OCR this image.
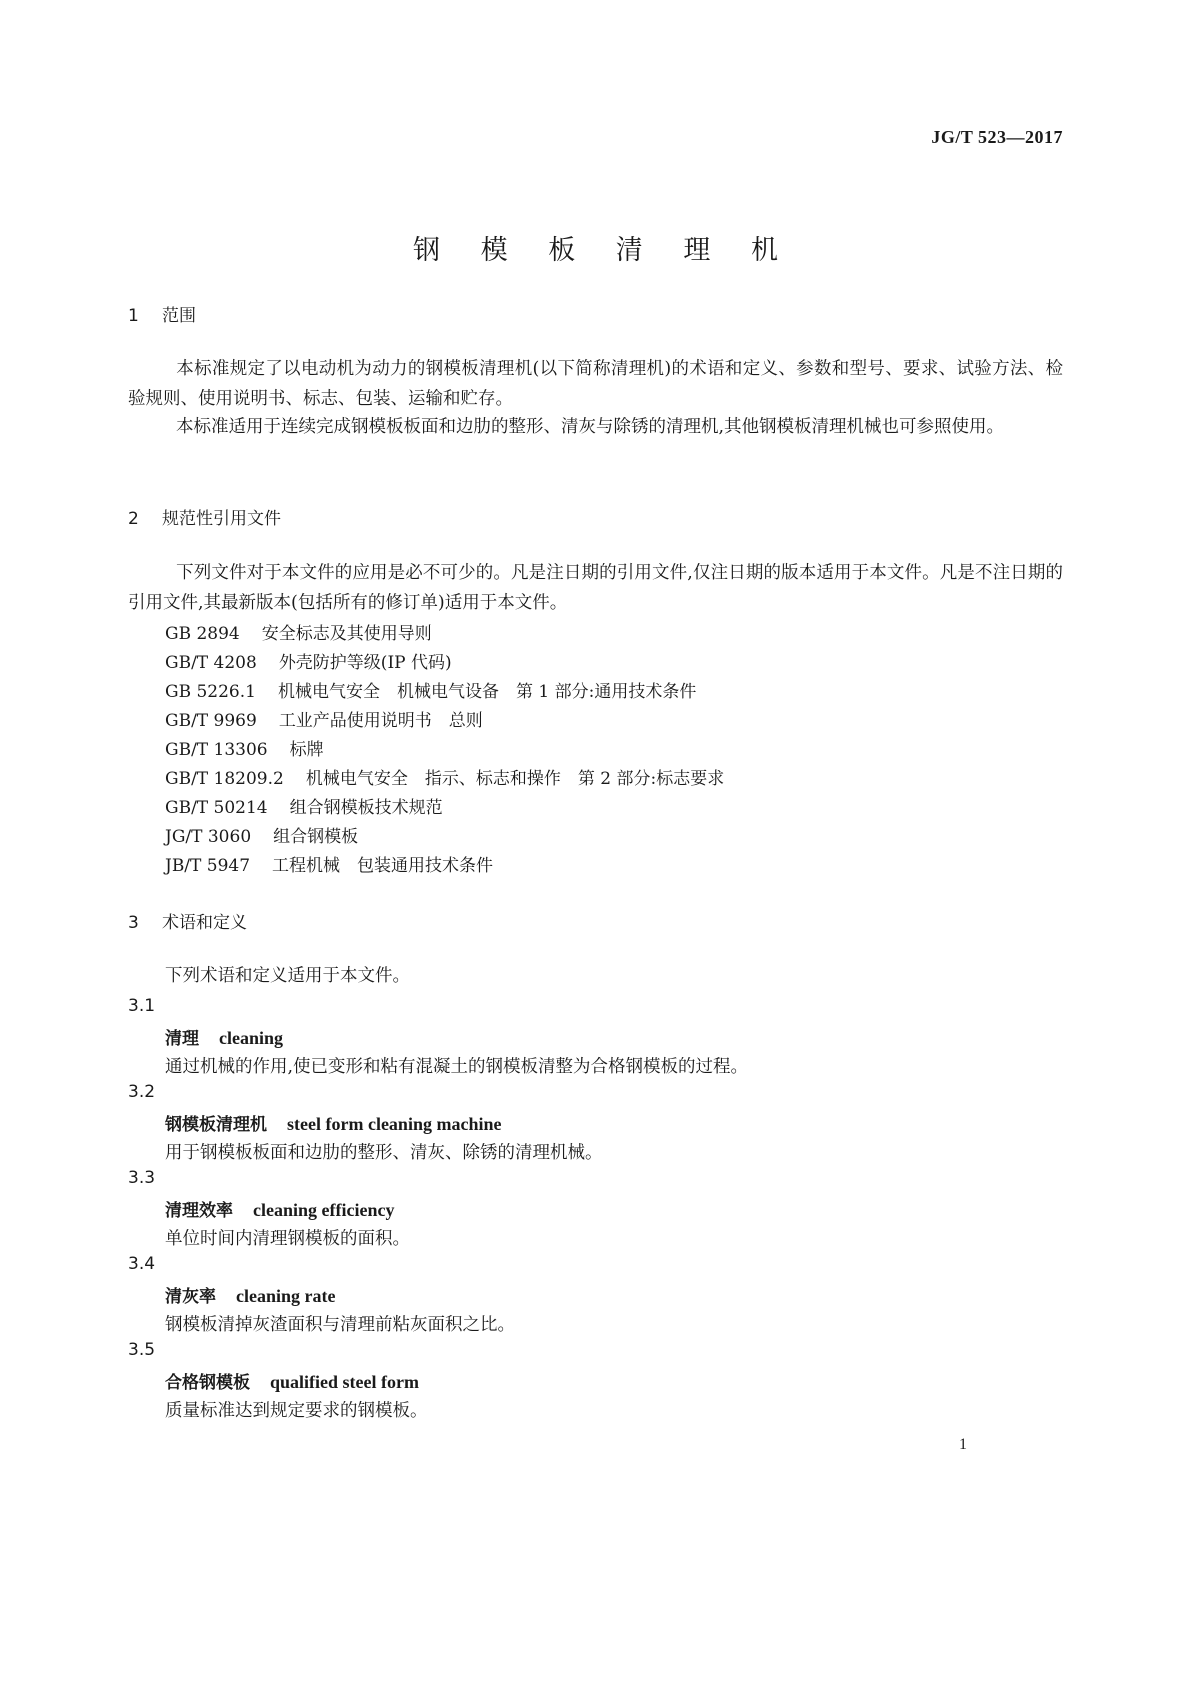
JG/T 523—2017
钢 模 板 清 理 机
1 范围
本标准规定了以电动机为动力的钢模板清理机(以下简称清理机)的术语和定义、参数和型号、要求、试验方法、检验规则、使用说明书、标志、包装、运输和贮存。
本标准适用于连续完成钢模板板面和边肋的整形、清灰与除锈的清理机,其他钢模板清理机械也可参照使用。
2 规范性引用文件
下列文件对于本文件的应用是必不可少的。凡是注日期的引用文件,仅注日期的版本适用于本文件。凡是不注日期的引用文件,其最新版本(包括所有的修订单)适用于本文件。
GB 2894 安全标志及其使用导则
GB/T 4208 外壳防护等级(IP 代码)
GB 5226.1 机械电气安全　机械电气设备　第 1 部分:通用技术条件
GB/T 9969 工业产品使用说明书　总则
GB/T 13306 标牌
GB/T 18209.2 机械电气安全　指示、标志和操作　第 2 部分:标志要求
GB/T 50214 组合钢模板技术规范
JG/T 3060 组合钢模板
JB/T 5947 工程机械　包装通用技术条件
3 术语和定义
下列术语和定义适用于本文件。
3.1
清理 cleaning
通过机械的作用,使已变形和粘有混凝土的钢模板清整为合格钢模板的过程。
3.2
钢模板清理机 steel form cleaning machine
用于钢模板板面和边肋的整形、清灰、除锈的清理机械。
3.3
清理效率 cleaning efficiency
单位时间内清理钢模板的面积。
3.4
清灰率 cleaning rate
钢模板清掉灰渣面积与清理前粘灰面积之比。
3.5
合格钢模板 qualified steel form
质量标准达到规定要求的钢模板。
1
